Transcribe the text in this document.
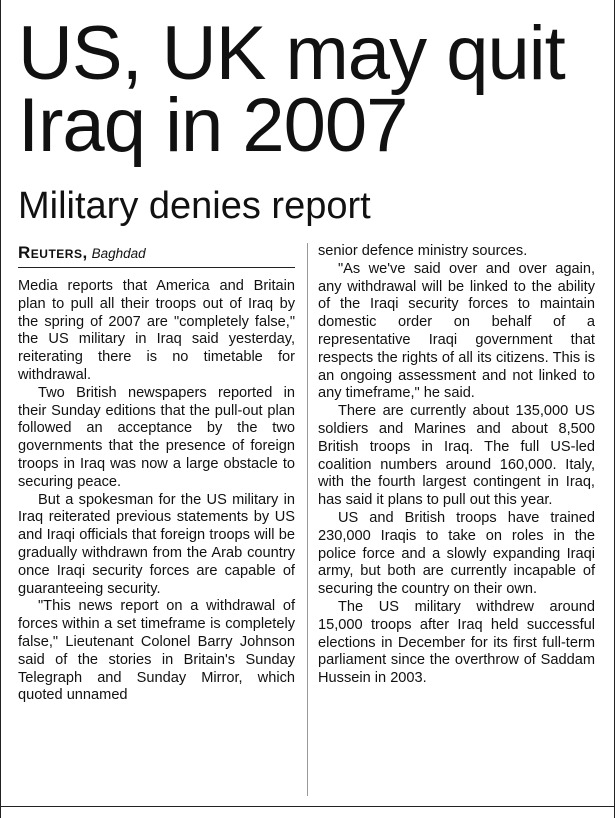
US, UK may quit
Iraq in 2007
Military denies report
Reuters, Baghdad

Media reports that America and Britain plan to pull all their troops out of Iraq by the spring of 2007 are "completely false," the US military in Iraq said yesterday, reiterating there is no timetable for withdrawal.

Two British newspapers reported in their Sunday editions that the pull-out plan followed an acceptance by the two governments that the presence of foreign troops in Iraq was now a large obstacle to securing peace.

But a spokesman for the US military in Iraq reiterated previous statements by US and Iraqi officials that foreign troops will be gradually withdrawn from the Arab country once Iraqi security forces are capable of guaranteeing security.

"This news report on a withdrawal of forces within a set timeframe is completely false," Lieutenant Colonel Barry Johnson said of the stories in Britain's Sunday Telegraph and Sunday Mirror, which quoted unnamed

senior defence ministry sources.

"As we've said over and over again, any withdrawal will be linked to the ability of the Iraqi security forces to maintain domestic order on behalf of a representative Iraqi government that respects the rights of all its citizens. This is an ongoing assessment and not linked to any timeframe," he said.

There are currently about 135,000 US soldiers and Marines and about 8,500 British troops in Iraq. The full US-led coalition numbers around 160,000. Italy, with the fourth largest contingent in Iraq, has said it plans to pull out this year.

US and British troops have trained 230,000 Iraqis to take on roles in the police force and a slowly expanding Iraqi army, but both are currently incapable of securing the country on their own.

The US military withdrew around 15,000 troops after Iraq held successful elections in December for its first full-term parliament since the overthrow of Saddam Hussein in 2003.
